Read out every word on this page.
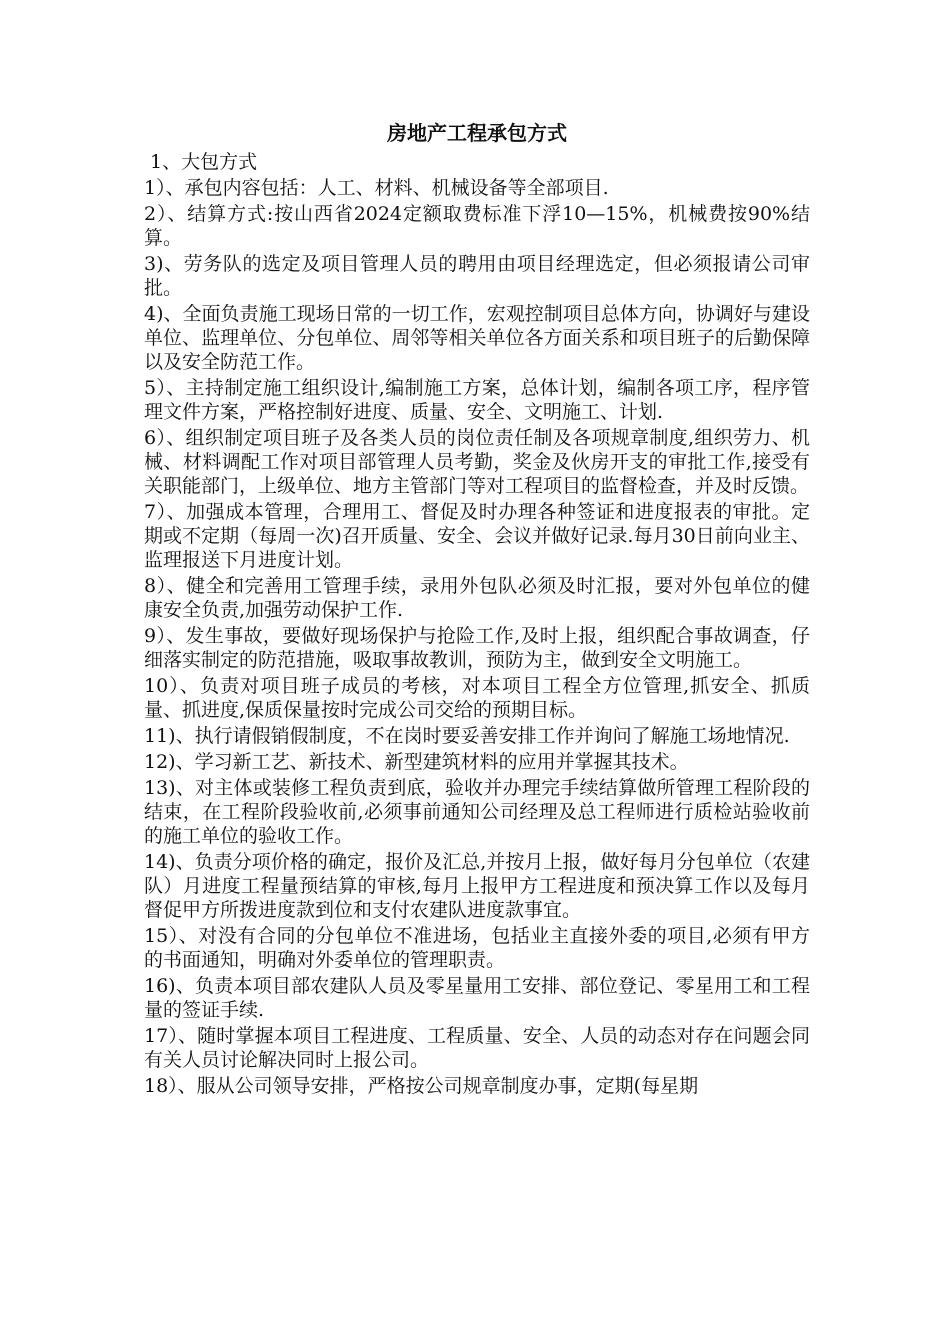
房地产工程承包方式

1、大包方式

1）、承包内容包括：人工、材料、机械设备等全部项目.

2）、结算方式:按山西省2024定额取费标准下浮10—15%，机械费按90%结算。

3)、劳务队的选定及项目管理人员的聘用由项目经理选定，但必须报请公司审批。

4)、全面负责施工现场日常的一切工作，宏观控制项目总体方向，协调好与建设单位、监理单位、分包单位、周邻等相关单位各方面关系和项目班子的后勤保障以及安全防范工作。

5）、主持制定施工组织设计,编制施工方案，总体计划，编制各项工序，程序管理文件方案，严格控制好进度、质量、安全、文明施工、计划.

6）、组织制定项目班子及各类人员的岗位责任制及各项规章制度,组织劳力、机械、材料调配工作对项目部管理人员考勤，奖金及伙房开支的审批工作,接受有关职能部门，上级单位、地方主管部门等对工程项目的监督检查，并及时反馈。

7）、加强成本管理，合理用工、督促及时办理各种签证和进度报表的审批。定期或不定期（每周一次)召开质量、安全、会议并做好记录.每月30日前向业主、监理报送下月进度计划。

8）、健全和完善用工管理手续，录用外包队必须及时汇报，要对外包单位的健康安全负责,加强劳动保护工作.

9）、发生事故，要做好现场保护与抢险工作,及时上报，组织配合事故调查，仔细落实制定的防范措施，吸取事故教训，预防为主，做到安全文明施工。

10）、负责对项目班子成员的考核，对本项目工程全方位管理,抓安全、抓质量、抓进度,保质保量按时完成公司交给的预期目标。

11)、执行请假销假制度，不在岗时要妥善安排工作并询问了解施工场地情况.

12)、学习新工艺、新技术、新型建筑材料的应用并掌握其技术。

13)、对主体或装修工程负责到底，验收并办理完手续结算做所管理工程阶段的结束，在工程阶段验收前,必须事前通知公司经理及总工程师进行质检站验收前的施工单位的验收工作。

14)、负责分项价格的确定，报价及汇总,并按月上报，做好每月分包单位（农建队）月进度工程量预结算的审核,每月上报甲方工程进度和预决算工作以及每月督促甲方所拨进度款到位和支付农建队进度款事宜。

15）、对没有合同的分包单位不准进场，包括业主直接外委的项目,必须有甲方的书面通知，明确对外委单位的管理职责。

16)、负责本项目部农建队人员及零星量用工安排、部位登记、零星用工和工程量的签证手续.

17）、随时掌握本项目工程进度、工程质量、安全、人员的动态对存在问题会同有关人员讨论解决同时上报公司。

18）、服从公司领导安排，严格按公司规章制度办事，定期(每星期
